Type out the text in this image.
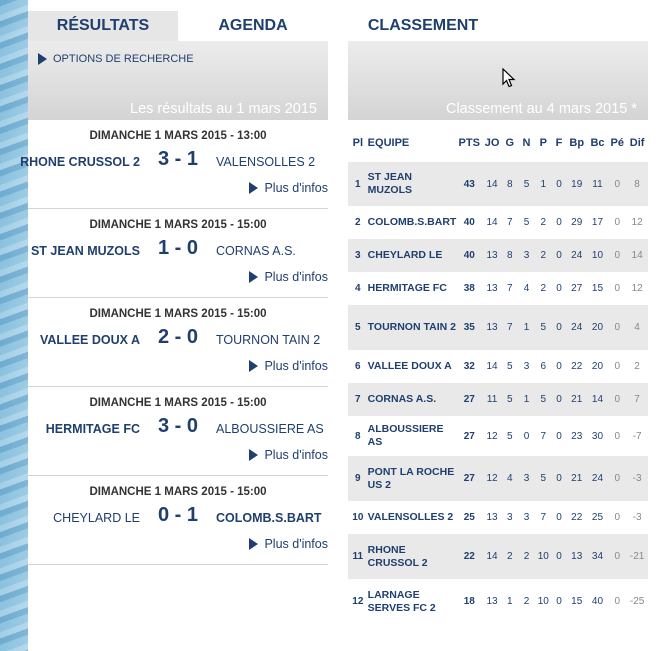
RÉSULTATS	AGENDA
OPTIONS DE RECHERCHE
Les résultats au 1 mars 2015
DIMANCHE 1 MARS 2015 - 13:00
RHONE CRUSSOL 2 3 - 1	VALENSOLLES 2
Plus d'infos
DIMANCHE 1 MARS 2015 - 15:00
ST JEAN MUZOLS 1 - 0	CORNAS A.S.
Plus d'infos
DIMANCHE 1 MARS 2015 - 15:00
VALLEE DOUX A 2 - 0	TOURNON TAIN 2
Plus d'infos
DIMANCHE 1 MARS 2015 - 15:00
HERMITAGE FC 3 - 0	ALBOUSSIERE AS
Plus d'infos
DIMANCHE 1 MARS 2015 - 15:00
CHEYLARD LE 0 - 1	COLOMB.S.BART
Plus d'infos
CLASSEMENT
Classement au 4 mars 2015 *
Pl	EQUIPE	PTS	JO	G	N	P	F	Bp	Bc	Pé	Dif
1	ST JEAN MUZOLS	43	14	8	5	1	0	19	11	0	8
2	COLOMB.S.BART	40	14	7	5	2	0	29	17	0	12
3	CHEYLARD LE	40	13	8	3	2	0	24	10	0	14
4	HERMITAGE FC	38	13	7	4	2	0	27	15	0	12
5	TOURNON TAIN 2	35	13	7	1	5	0	24	20	0	4
6	VALLEE DOUX A	32	14	5	3	6	0	22	20	0	2
7	CORNAS A.S.	27	11	5	1	5	0	21	14	0	7
8	ALBOUSSIERE AS	27	12	5	0	7	0	23	30	0	-7
9	PONT LA ROCHE US 2	27	12	4	3	5	0	21	24	0	-3
10	VALENSOLLES 2	25	13	3	3	7	0	22	25	0	-3
11	RHONE CRUSSOL 2	22	14	2	2	10	0	13	34	0	-21
12	LARNAGE SERVES FC 2	18	13	1	2	10	0	15	40	0	-25
